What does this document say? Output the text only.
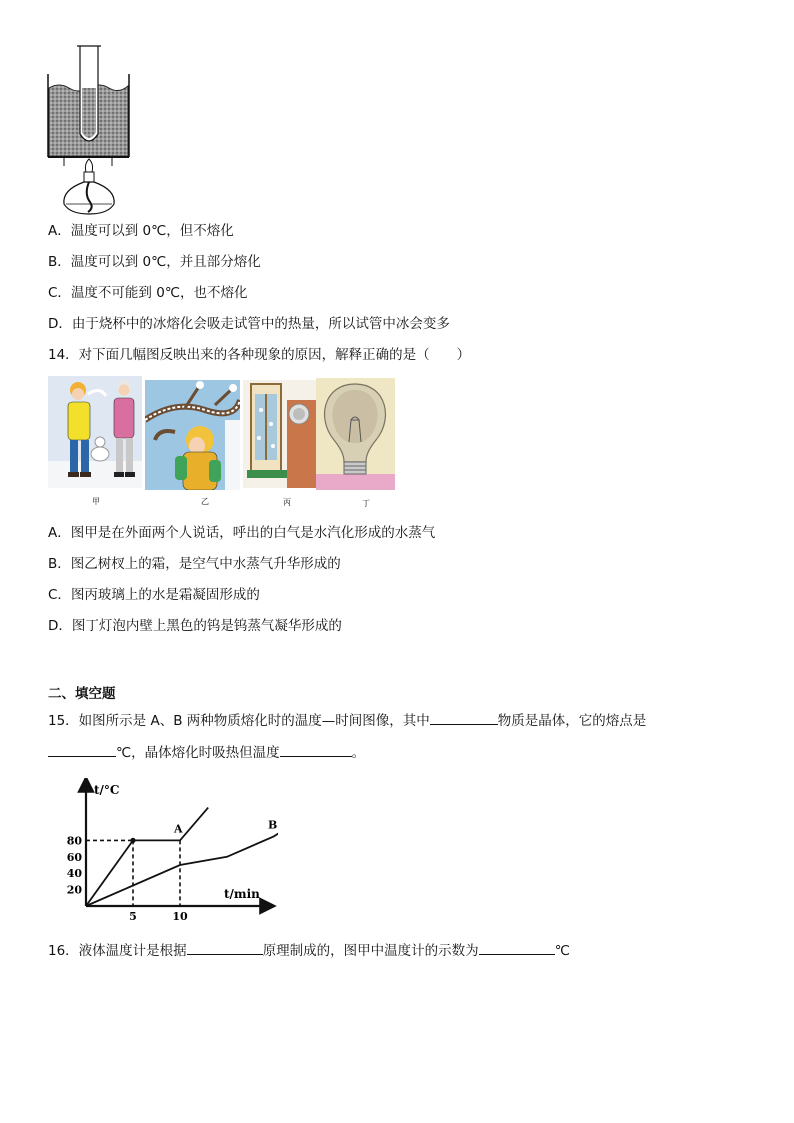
A．温度可以到 0℃，但不熔化
B．温度可以到 0℃，并且部分熔化
C．温度不可能到 0℃，也不熔化
D．由于烧杯中的冰熔化会吸走试管中的热量，所以试管中冰会变多
14．对下面几幅图反映出来的各种现象的原因，解释正确的是（　　）
甲	乙	丙	丁
A．图甲是在外面两个人说话，呼出的白气是水汽化形成的水蒸气
B．图乙树杈上的霜，是空气中水蒸气升华形成的
C．图丙玻璃上的水是霜凝固形成的
D．图丁灯泡内壁上黑色的钨是钨蒸气凝华形成的
二、填空题
15．如图所示是 A、B 两种物质熔化时的温度—时间图像，其中	物质是晶体，它的熔点是
℃，晶体熔化时吸热但温度	。
20
40
60
80
5	10
t/°C
t/min
A	B
16．液体温度计是根据	原理制成的，图甲中温度计的示数为	℃
